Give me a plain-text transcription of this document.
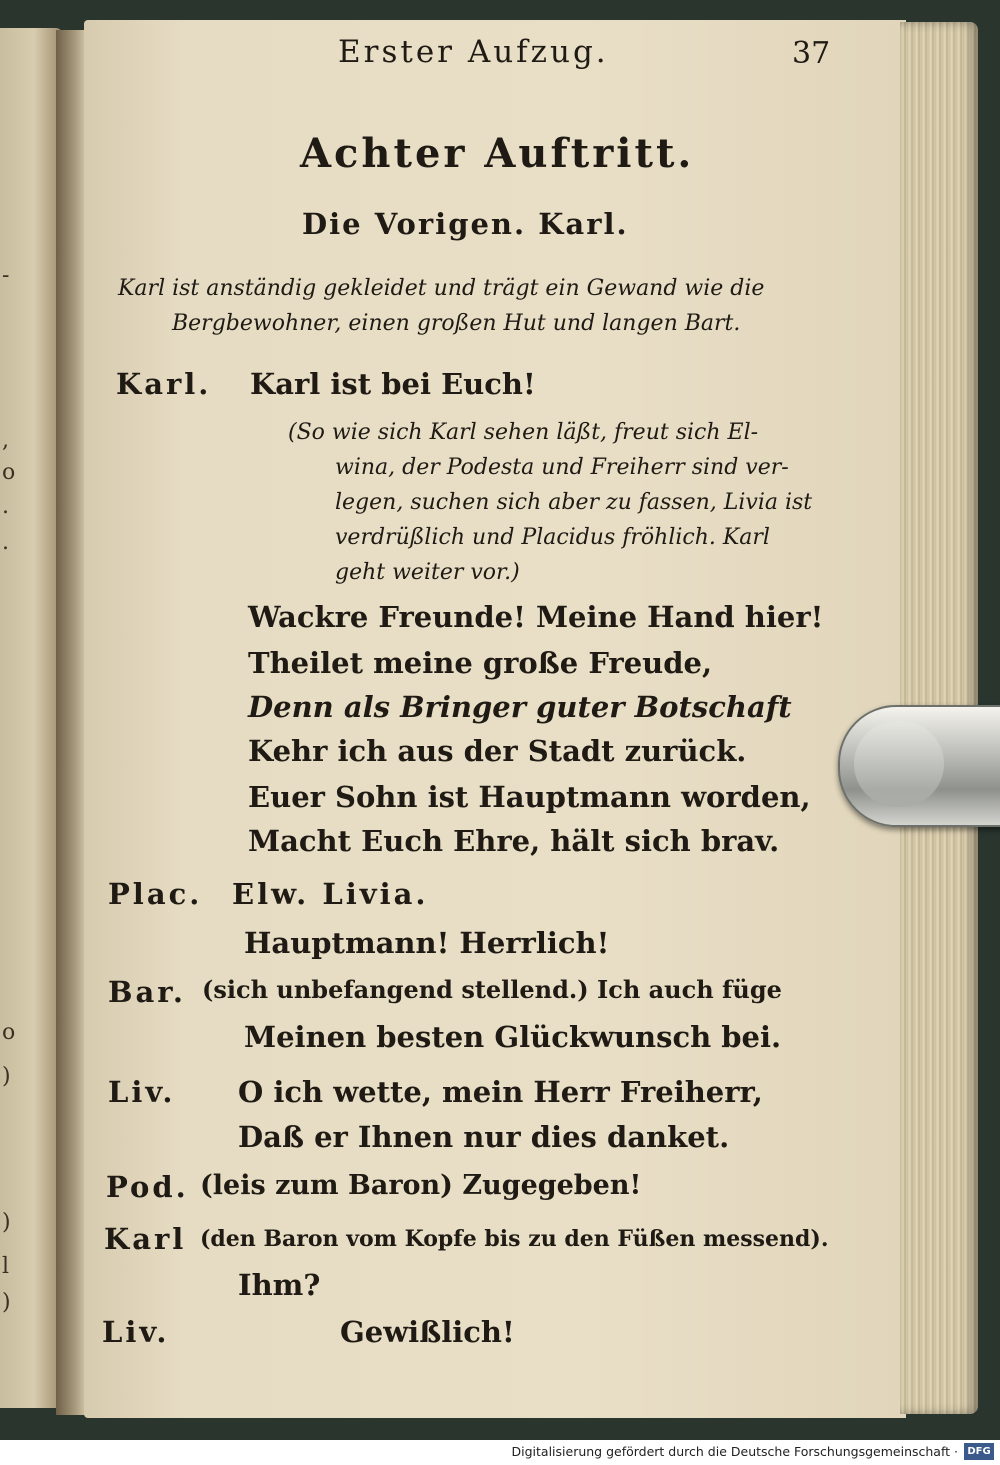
-
,
o
.
.
o
)
)
l
)
Erster Aufzug.	37
Achter Auftritt.
Die Vorigen. Karl.
Karl ist anständig gekleidet und trägt ein Gewand wie die
Bergbewohner, einen großen Hut und langen Bart.
Karl. Karl ist bei Euch!
(So wie sich Karl sehen läßt, freut sich El-
wina, der Podesta und Freiherr sind ver-
legen, suchen sich aber zu fassen, Livia ist
verdrüßlich und Placidus fröhlich. Karl
geht weiter vor.)
Wackre Freunde! Meine Hand hier!
Theilet meine große Freude,
Denn als Bringer guter Botschaft
Kehr ich aus der Stadt zurück.
Euer Sohn ist Hauptmann worden,
Macht Euch Ehre, hält sich brav.
Plac. Elw. Livia.
Hauptmann! Herrlich!
Bar. (sich unbefangend stellend.) Ich auch füge
Meinen besten Glückwunsch bei.
Liv. O ich wette, mein Herr Freiherr,
Daß er Ihnen nur dies danket.
Pod. (leis zum Baron) Zugegeben!
Karl (den Baron vom Kopfe bis zu den Füßen messend).
Ihm?
Liv.	Gewißlich!
Digitalisierung gefördert durch die Deutsche Forschungsgemeinschaft · DFG
